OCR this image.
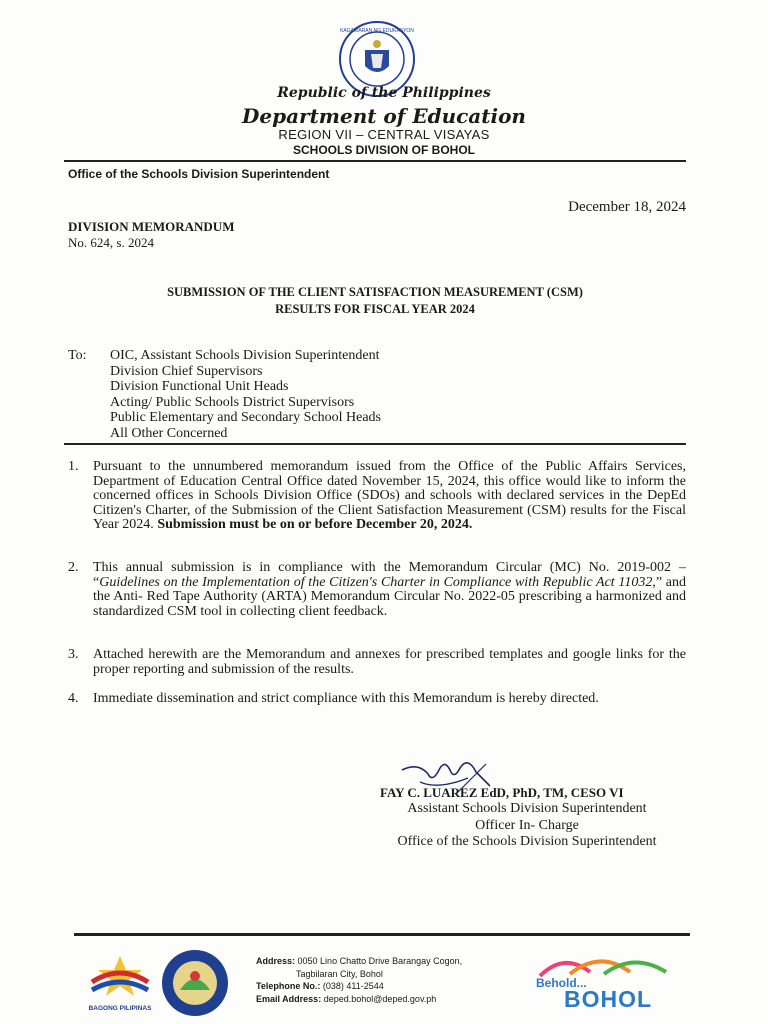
KAGAWARAN NG EDUKASYON
Republic of the Philippines
Department of Education
REGION VII – CENTRAL VISAYAS
SCHOOLS DIVISION OF BOHOL
Office of the Schools Division Superintendent
December 18, 2024
DIVISION MEMORANDUM
No. 624, s. 2024
SUBMISSION OF THE CLIENT SATISFACTION MEASUREMENT (CSM)
RESULTS FOR FISCAL YEAR 2024
To: OIC, Assistant Schools Division Superintendent
Division Chief Supervisors
Division Functional Unit Heads
Acting/ Public Schools District Supervisors
Public Elementary and Secondary School Heads
All Other Concerned
1.	Pursuant to the unnumbered memorandum issued from the Office of the Public Affairs Services, Department of Education Central Office dated November 15, 2024, this office would like to inform the concerned offices in Schools Division Office (SDOs) and schools with declared services in the DepEd Citizen's Charter, of the Submission of the Client Satisfaction Measurement (CSM) results for the Fiscal Year 2024. Submission must be on or before December 20, 2024.
2.	This annual submission is in compliance with the Memorandum Circular (MC) No. 2019-002 – “Guidelines on the Implementation of the Citizen's Charter in Compliance with Republic Act 11032,” and the Anti- Red Tape Authority (ARTA) Memorandum Circular No. 2022-05 prescribing a harmonized and standardized CSM tool in collecting client feedback.
3.	Attached herewith are the Memorandum and annexes for prescribed templates and google links for the proper reporting and submission of the results.
4.	Immediate dissemination and strict compliance with this Memorandum is hereby directed.
FAY C. LUAREZ EdD, PhD, TM, CESO VI
Assistant Schools Division Superintendent
Officer In- Charge
Office of the Schools Division Superintendent
BAGONG PILIPINAS
Address: 0050 Lino Chatto Drive Barangay Cogon,
Tagbilaran City, Bohol
Telephone No.: (038) 411-2544
Email Address: deped.bohol@deped.gov.ph
Behold...
BOHOL
